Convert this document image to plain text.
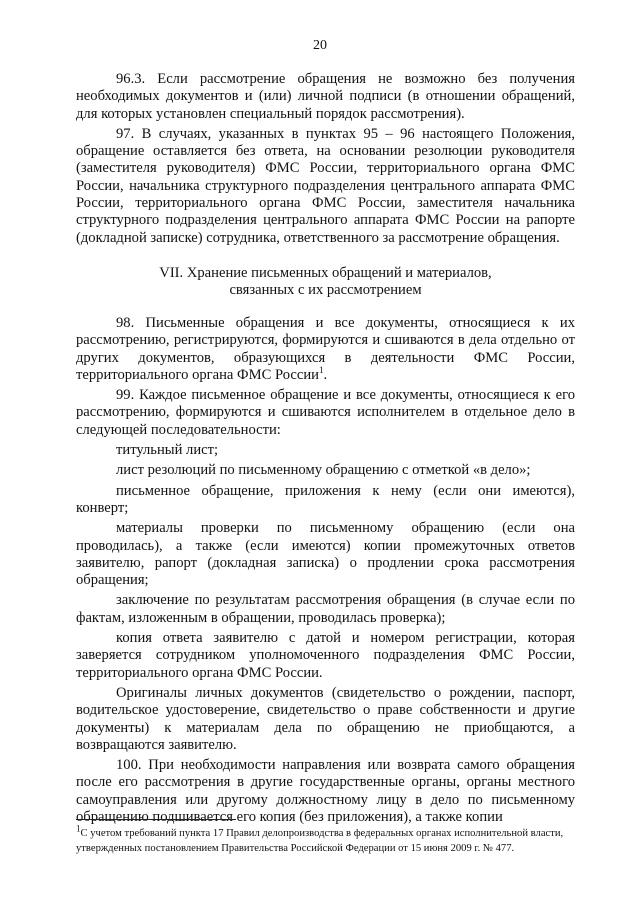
20

96.3. Если рассмотрение обращения не возможно без получения необходимых документов и (или) личной подписи (в отношении обращений, для которых установлен специальный порядок рассмотрения).

97. В случаях, указанных в пунктах 95 – 96 настоящего Положения, обращение оставляется без ответа, на основании резолюции руководителя (заместителя руководителя) ФМС России, территориального органа ФМС России, начальника структурного подразделения центрального аппарата ФМС России, территориального органа ФМС России, заместителя начальника структурного подразделения центрального аппарата ФМС России на рапорте (докладной записке) сотрудника, ответственного за рассмотрение обращения.

VII. Хранение письменных обращений и материалов,
связанных с их рассмотрением

98. Письменные обращения и все документы, относящиеся к их рассмотрению, регистрируются, формируются и сшиваются в дела отдельно от других документов, образующихся в деятельности ФМС России, территориального органа ФМС России$^1$.

99. Каждое письменное обращение и все документы, относящиеся к его рассмотрению, формируются и сшиваются исполнителем в отдельное дело в следующей последовательности:

титульный лист;

лист резолюций по письменному обращению с отметкой «в дело»;

письменное обращение, приложения к нему (если они имеются), конверт;

материалы проверки по письменному обращению (если она проводилась), а также (если имеются) копии промежуточных ответов заявителю, рапорт (докладная записка) о продлении срока рассмотрения обращения;

заключение по результатам рассмотрения обращения (в случае если по фактам, изложенным в обращении, проводилась проверка);

копия ответа заявителю с датой и номером регистрации, которая заверяется сотрудником уполномоченного подразделения ФМС России, территориального органа ФМС России.

Оригиналы личных документов (свидетельство о рождении, паспорт, водительское удостоверение, свидетельство о праве собственности и другие документы) к материалам дела по обращению не приобщаются, а возвращаются заявителю.

100. При необходимости направления или возврата самого обращения после его рассмотрения в другие государственные органы, органы местного самоуправления или другому должностному лицу в дело по письменному обращению подшивается его копия (без приложения), а также копии

$^1$С учетом требований пункта 17 Правил делопроизводства в федеральных органах исполнительной власти, утвержденных постановлением Правительства Российской Федерации от 15 июня 2009 г. № 477.
